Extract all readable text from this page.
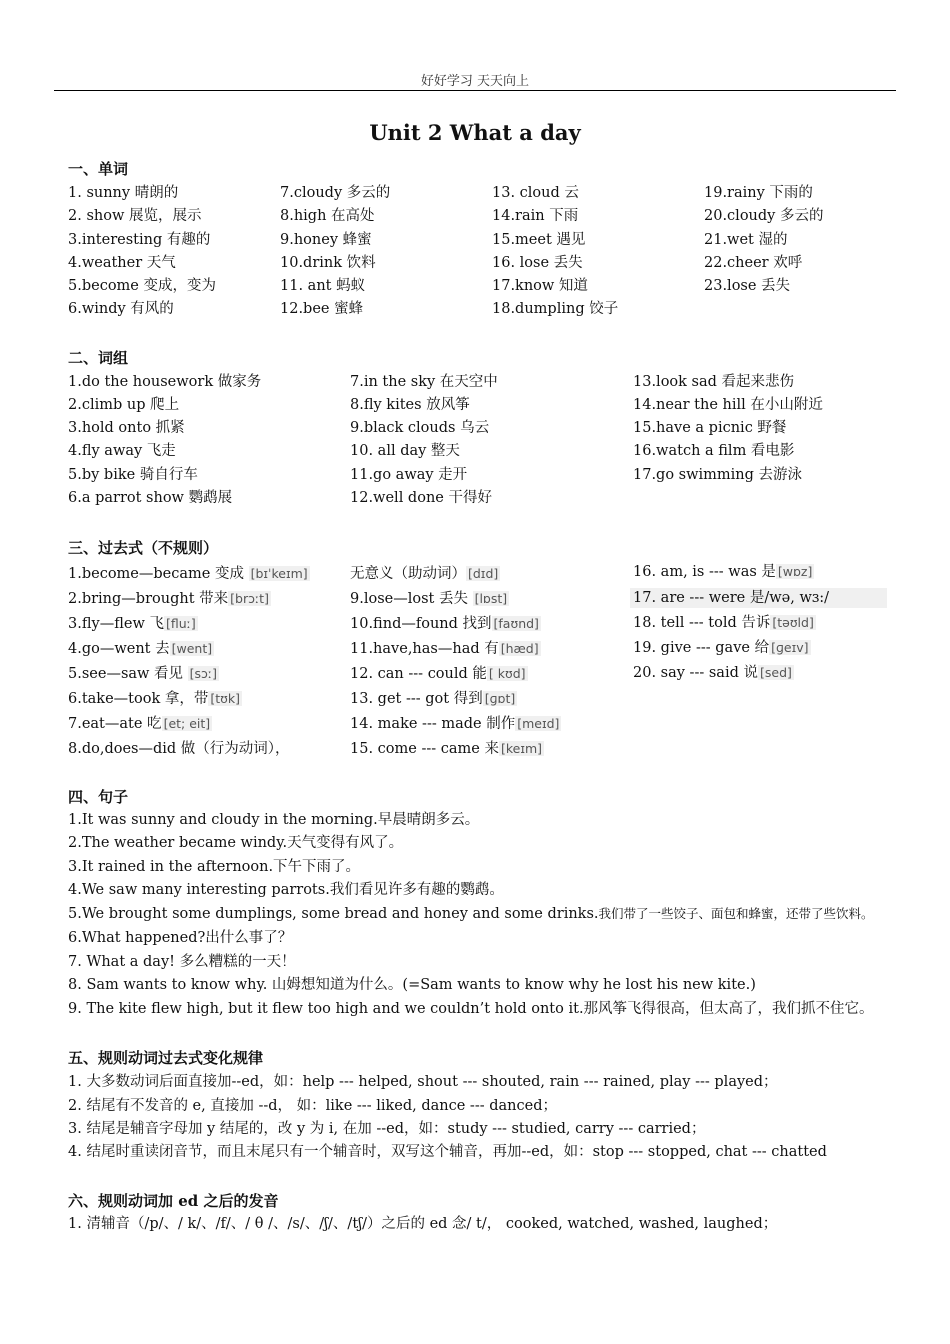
好好学习 天天向上
Unit 2 What a day
一、单词
1. sunny 晴朗的
2. show 展览，展示
3.interesting 有趣的
4.weather 天气
5.become 变成，变为
6.windy 有风的
7.cloudy 多云的
8.high 在高处
9.honey 蜂蜜
10.drink 饮料
11. ant 蚂蚁
12.bee 蜜蜂
13. cloud 云
14.rain 下雨
15.meet 遇见
16. lose 丢失
17.know 知道
18.dumpling 饺子
19.rainy 下雨的
20.cloudy 多云的
21.wet 湿的
22.cheer 欢呼
23.lose 丢失
二、词组
1.do the housework 做家务
2.climb up 爬上
3.hold onto 抓紧
4.fly away 飞走
5.by bike 骑自行车
6.a parrot show 鹦鹉展
7.in the sky 在天空中
8.fly kites 放风筝
9.black clouds 乌云
10. all day 整天
11.go away 走开
12.well done 干得好
13.look sad 看起来悲伤
14.near the hill 在小山附近
15.have a picnic 野餐
16.watch a film 看电影
17.go swimming 去游泳
三、过去式（不规则）
1.become—became 变成 [bɪˈkeɪm]
2.bring—brought 带来 [brɔːt]
3.fly—flew 飞 [fluː]
4.go—went 去 [went]
5.see—saw 看见 [sɔː]
6.take—took 拿，带 [tʊk]
7.eat—ate 吃 [et; eit]
8.do,does—did 做（行为动词），
无意义（助动词） [dɪd]
9.lose—lost 丢失 [lɒst]
10.find—found 找到 [faʊnd]
11.have,has—had 有 [hæd]
12. can --- could 能 [ kʊd]
13. get --- got 得到 [ɡɒt]
14. make --- made 制作 [meɪd]
15. come --- came 来 [keɪm]
16. am, is --- was 是 [wɒz]
17. are --- were 是/wə, wɜ:/
18. tell --- told 告诉 [təʊld]
19. give --- gave 给 [ɡeɪv]
20. say --- said 说 [sed]
四、句子
1.It was sunny and cloudy in the morning.早晨晴朗多云。
2.The weather became windy.天气变得有风了。
3.It rained in the afternoon.下午下雨了。
4.We saw many interesting parrots.我们看见许多有趣的鹦鹉。
5.We brought some dumplings, some bread and honey and some drinks.我们带了一些饺子、面包和蜂蜜，还带了些饮料。
6.What happened?出什么事了？
7. What a day! 多么糟糕的一天！
8. Sam wants to know why. 山姆想知道为什么。(=Sam wants to know why he lost his new kite.)
9. The kite flew high, but it flew too high and we couldn’t hold onto it.那风筝飞得很高，但太高了，我们抓不住它。
五、规则动词过去式变化规律
1. 大多数动词后面直接加--ed，如：help --- helped, shout --- shouted, rain --- rained, play --- played；
2. 结尾有不发音的 e, 直接加 --d， 如：like --- liked, dance --- danced；
3. 结尾是辅音字母加 y 结尾的，改 y 为 i, 在加 --ed，如：study --- studied, carry --- carried；
4. 结尾时重读闭音节，而且末尾只有一个辅音时，双写这个辅音，再加--ed，如：stop --- stopped, chat --- chatted
六、规则动词加 ed 之后的发音
1. 清辅音（/p/、/ k/、/f/、/ θ /、/s/、/ʃ/、/tʃ/）之后的 ed 念/ t/， cooked, watched, washed, laughed；
